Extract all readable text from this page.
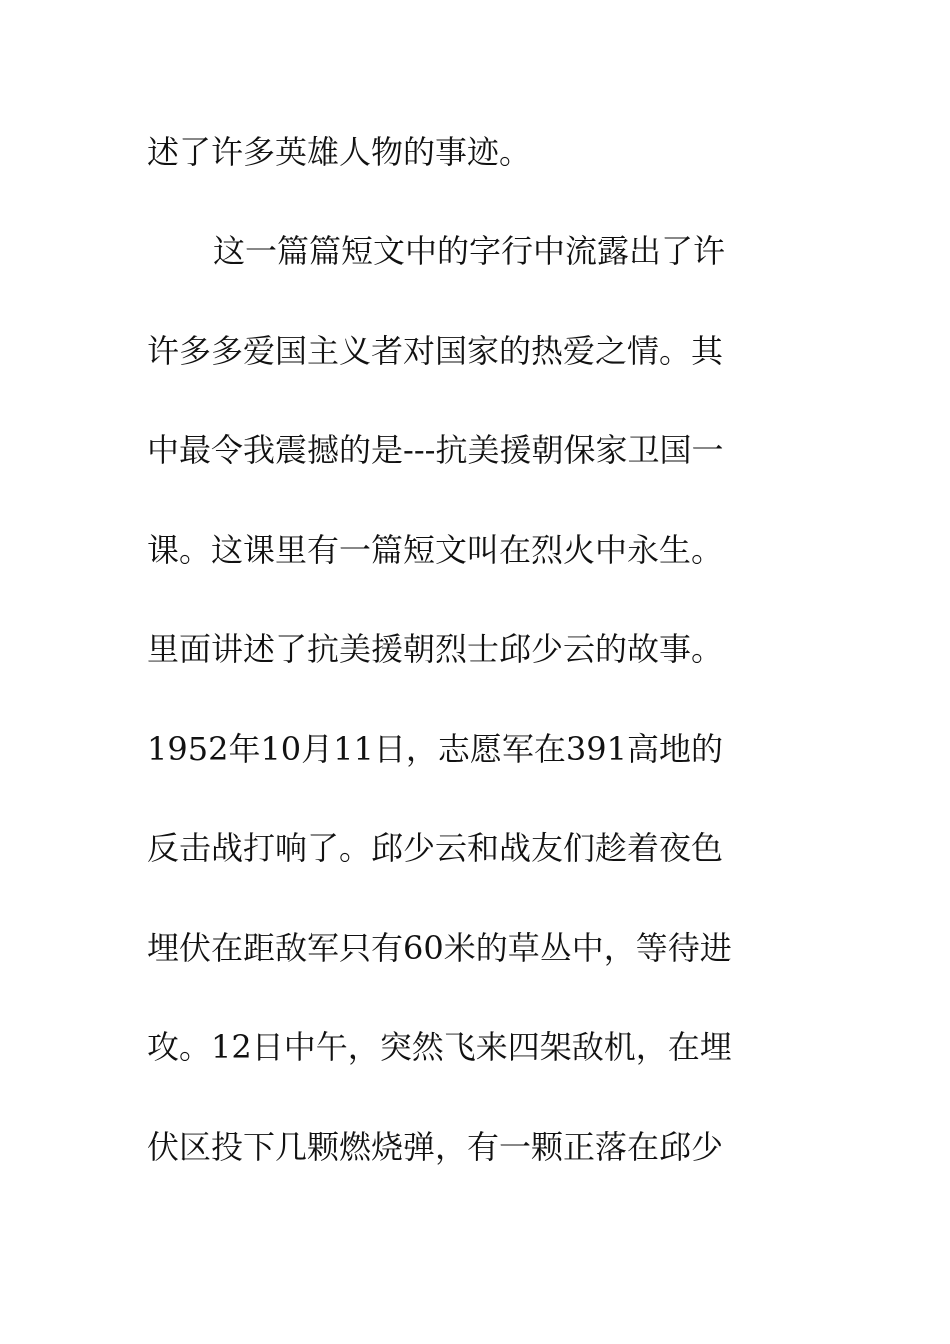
述了许多英雄人物的事迹。
这一篇篇短文中的字行中流露出了许
许多多爱国主义者对国家的热爱之情。其
中最令我震撼的是---抗美援朝保家卫国一
课。这课里有一篇短文叫在烈火中永生。
里面讲述了抗美援朝烈士邱少云的故事。
1952年10月11日，志愿军在391高地的
反击战打响了。邱少云和战友们趁着夜色
埋伏在距敌军只有60米的草丛中，等待进
攻。12日中午，突然飞来四架敌机，在埋
伏区投下几颗燃烧弹，有一颗正落在邱少
